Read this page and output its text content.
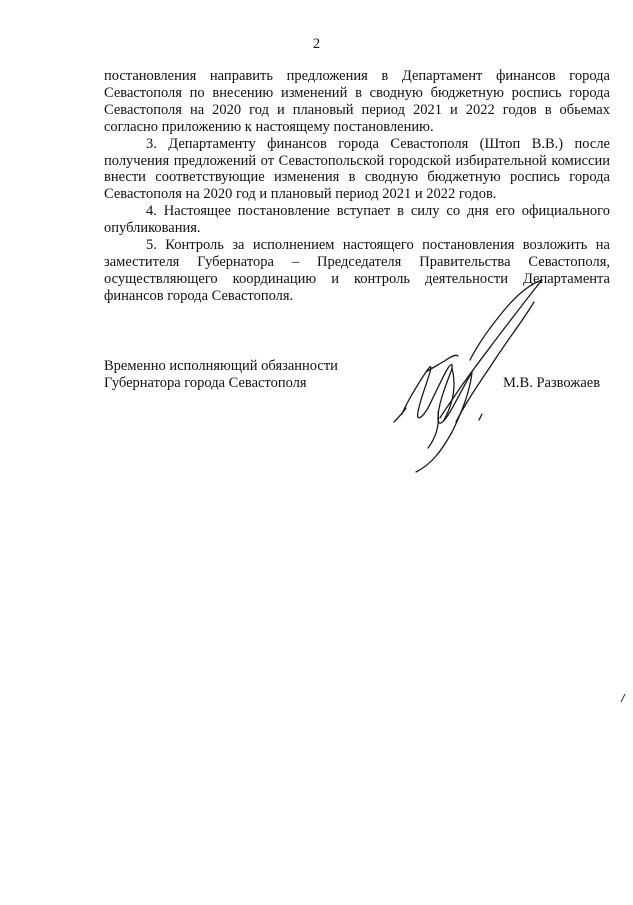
2

постановления направить предложения в Департамент финансов города Севастополя по внесению изменений в сводную бюджетную роспись города Севастополя на 2020 год и плановый период 2021 и 2022 годов в обьемах согласно приложению к настоящему постановлению.

3. Департаменту финансов города Севастополя (Штоп В.В.) после получения предложений от Севастопольской городской избирательной комиссии внести соответствующие изменения в сводную бюджетную роспись города Севастополя на 2020 год и плановый период 2021 и 2022 годов.

4. Настоящее постановление вступает в силу со дня его официального опубликования.

5. Контроль за исполнением настоящего постановления возложить на заместителя Губернатора – Председателя Правительства Севастополя, осуществляющего координацию и контроль деятельности Департамента финансов города Севастополя.

Временно исполняющий обязанности
Губернатора города Севастополя	М.В. Развожаев
